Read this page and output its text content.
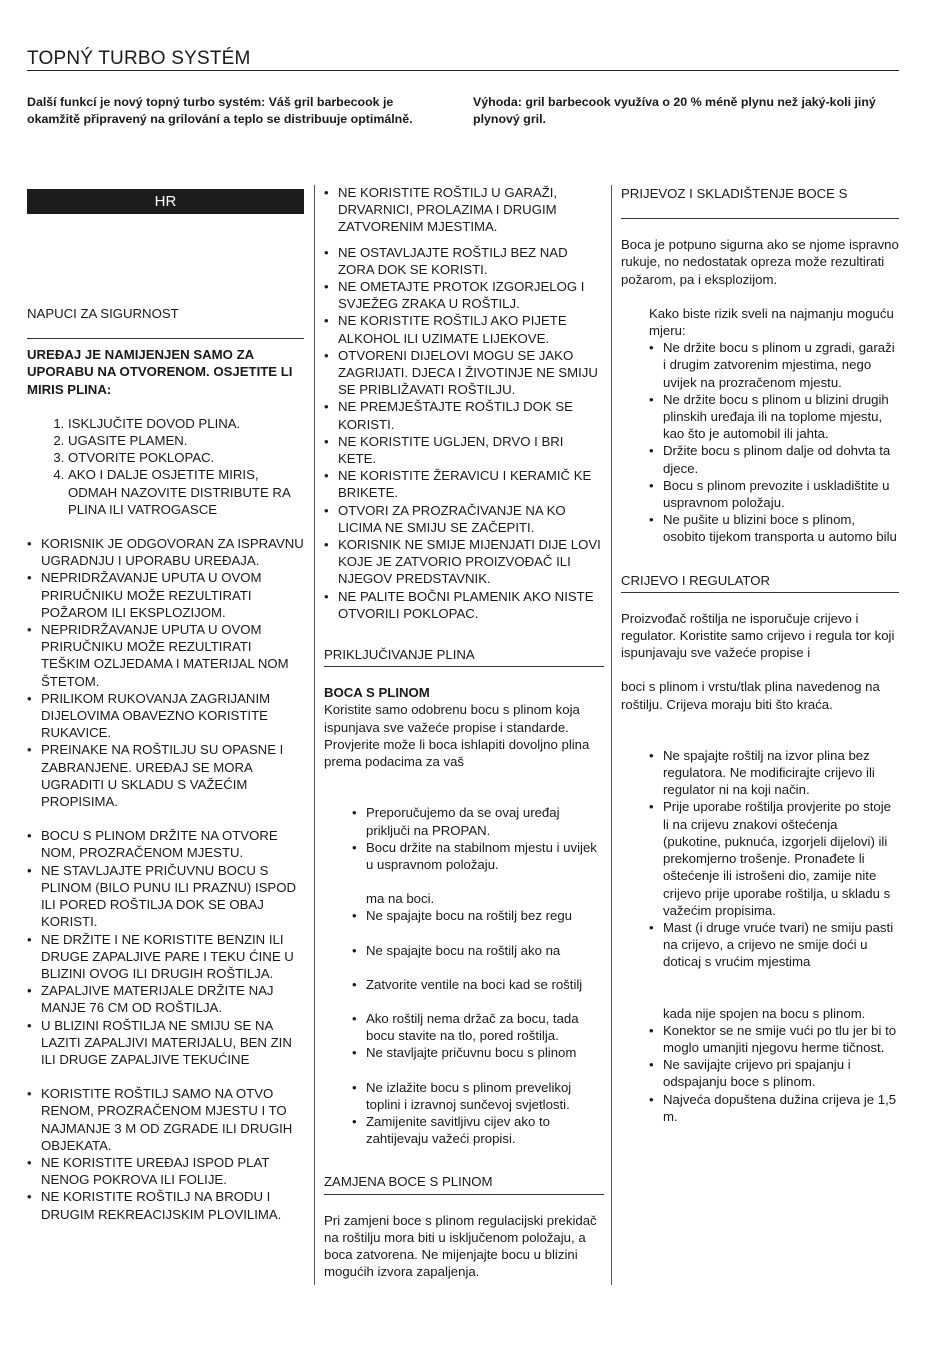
TOPNÝ TURBO SYSTÉM
Další funkcí je nový topný turbo systém: Váš gril barbecook je okamžitě připravený na grilování a teplo se distribuuje optimálně.
Výhoda: gril barbecook využíva o 20 % méně plynu než jaký-koli jiný plynový gril.
HR
NAPUCI ZA SIGURNOST
UREĐAJ JE NAMIJENJEN SAMO ZA UPORABU NA OTVORENOM. OSJETITE LI MIRIS PLINA:
1. ISKLJUČITE DOVOD PLINA.
2. UGASITE PLAMEN.
3. OTVORITE POKLOPAC.
4. AKO I DALJE OSJETITE MIRIS, ODMAH NAZOVITE DISTRIBUTE RA PLINA ILI VATROGASCE
• KORISNIK JE ODGOVORAN ZA ISPRAVNU UGRADNJU I UPORABU UREĐAJA.
• NEPRIDRŽAVANJE UPUTA U OVOM PRIRUČNIKU MOŽE REZULTIRATI POŽAROM ILI EKSPLOZIJOM.
• NEPRIDRŽAVANJE UPUTA U OVOM PRIRUČNIKU MOŽE REZULTIRATI TEŠKIM OZLJEDAMA I MATERIJAL NOM ŠTETOM.
• PRILIKOM RUKOVANJA ZAGRIJANIM DIJELOVIMA OBAVEZNO KORISTITE RUKAVICE.
• PREINAKE NA ROŠTILJU SU OPASNE I ZABRANJENE. UREĐAJ SE MORA UGRADITI U SKLADU S VAŽEĆIM PROPISIMA.
• BOCU S PLINOM DRŽITE NA OTVORE NOM, PROZRAČENOM MJESTU.
• NE STAVLJAJTE PRIČUVNU BOCU S PLINOM (BILO PUNU ILI PRAZNU) ISPOD ILI PORED ROŠTILJA DOK SE OBAJ KORISTI.
• NE DRŽITE I NE KORISTITE BENZIN ILI DRUGE ZAPALJIVE PARE I TEKU ĆINE U BLIZINI OVOG ILI DRUGIH ROŠTILJA.
• ZAPALJIVE MATERIJALE DRŽITE NAJ MANJE 76 CM OD ROŠTILJA.
• U BLIZINI ROŠTILJA NE SMIJU SE NA LAZITI ZAPALJIVI MATERIJALU, BEN ZIN ILI DRUGE ZAPALJIVE TEKUĆINE
• KORISTITE ROŠTILJ SAMO NA OTVO RENOM, PROZRAČENOM MJESTU I TO NAJMANJE 3 M OD ZGRADE ILI DRUGIH OBJEKATA.
• NE KORISTITE UREĐAJ ISPOD PLAT NENOG POKROVA ILI FOLIJE.
• NE KORISTITE ROŠTILJ NA BRODU I DRUGIM REKREACIJSKIM PLOVILIMA.
• NE KORISTITE ROŠTILJ U GARAŽI, DRVARNICI, PROLAZIMA I DRUGIM ZATVORENIM MJESTIMA.
• NE OSTAVLJAJTE ROŠTILJ BEZ NAD ZORA DOK SE KORISTI.
• NE OMETAJTE PROTOK IZGORJELOG I SVJEŽEG ZRAKA U ROŠTILJ.
• NE KORISTITE ROŠTILJ AKO PIJETE ALKOHOL ILI UZIMATE LIJEKOVE.
• OTVORENI DIJELOVI MOGU SE JAKO ZAGRIJATI. DJECA I ŽIVOTINJE NE SMIJU SE PRIBLIŽAVATI ROŠTILJU.
• NE PREMJEŠTAJTE ROŠTILJ DOK SE KORISTI.
• NE KORISTITE UGLJEN, DRVO I BRI KETE.
• NE KORISTITE ŽERAVICU I KERAMIČ KE BRIKETE.
• OTVORI ZA PROZRAČIVANJE NA KO LICIMA NE SMIJU SE ZAČEPITI.
• KORISNIK NE SMIJE MIJENJATI DIJE LOVI KOJE JE ZATVORIO PROIZVOĐAČ ILI NJEGOV PREDSTAVNIK.
• NE PALITE BOČNI PLAMENIK AKO NISTE OTVORILI POKLOPAC.
PRIKLJUČIVANJE PLINA
BOCA S PLINOM
Koristite samo odobrenu bocu s plinom koja ispunjava sve važeće propise i standarde. Provjerite može li boca ishlapiti dovoljno plina prema podacima za vaš
• Preporučujemo da se ovaj uređaj priključi na PROPAN.
• Bocu držite na stabilnom mjestu i uvijek u uspravnom položaju.
ma na boci.
• Ne spajajte bocu na roštilj bez regu
• Ne spajajte bocu na roštilj ako na
• Zatvorite ventile na boci kad se roštilj
• Ako roštilj nema držač za bocu, tada bocu stavite na tlo, pored roštilja.
• Ne stavljajte pričuvnu bocu s plinom
• Ne izlažite bocu s plinom prevelikoj toplini i izravnoj sunčevoj svjetlosti.
• Zamijenite savitljivu cijev ako to zahtijevaju važeći propisi.
ZAMJENA BOCE S PLINOM
Pri zamjeni boce s plinom regulacijski prekidač na roštilju mora biti u isključenom položaju, a boca zatvorena. Ne mijenjajte bocu u blizini mogućih izvora zapaljenja.
PRIJEVOZ I SKLADIŠTENJE BOCE S
Boca je potpuno sigurna ako se njome ispravno rukuje, no nedostatak opreza može rezultirati požarom, pa i eksplozijom.
Kako biste rizik sveli na najmanju moguću mjeru:
• Ne držite bocu s plinom u zgradi, garaži i drugim zatvorenim mjestima, nego uvijek na prozračenom mjestu.
• Ne držite bocu s plinom u blizini drugih plinskih uređaja ili na toplome mjestu, kao što je automobil ili jahta.
• Držite bocu s plinom dalje od dohvta ta djece.
• Bocu s plinom prevozite i uskladištite u uspravnom položaju.
• Ne pušite u blizini boce s plinom, osobito tijekom transporta u automo bilu
CRIJEVO I REGULATOR
Proizvođač roštilja ne isporučuje crijevo i regulator. Koristite samo crijevo i regula tor koji ispunjavaju sve važeće propise i
boci s plinom i vrstu/tlak plina navedenog na roštilju. Crijeva moraju biti što kraća.
• Ne spajajte roštilj na izvor plina bez regulatora. Ne modificirajte crijevo ili regulator ni na koji način.
• Prije uporabe roštilja provjerite po stoje li na crijevu znakovi oštećenja (pukotine, puknuća, izgorjeli dijelovi) ili prekomjerno trošenje. Pronađete li oštećenje ili istrošeni dio, zamije nite crijevo prije uporabe roštilja, u skladu s važećim propisima.
• Mast (i druge vruće tvari) ne smiju pasti na crijevo, a crijevo ne smije doći u doticaj s vrućim mjestima
kada nije spojen na bocu s plinom.
• Konektor se ne smije vući po tlu jer bi to moglo umanjiti njegovu herme tičnost.
• Ne savijajte crijevo pri spajanju i odspajanju boce s plinom.
• Najveća dopuštena dužina crijeva je 1,5 m.
